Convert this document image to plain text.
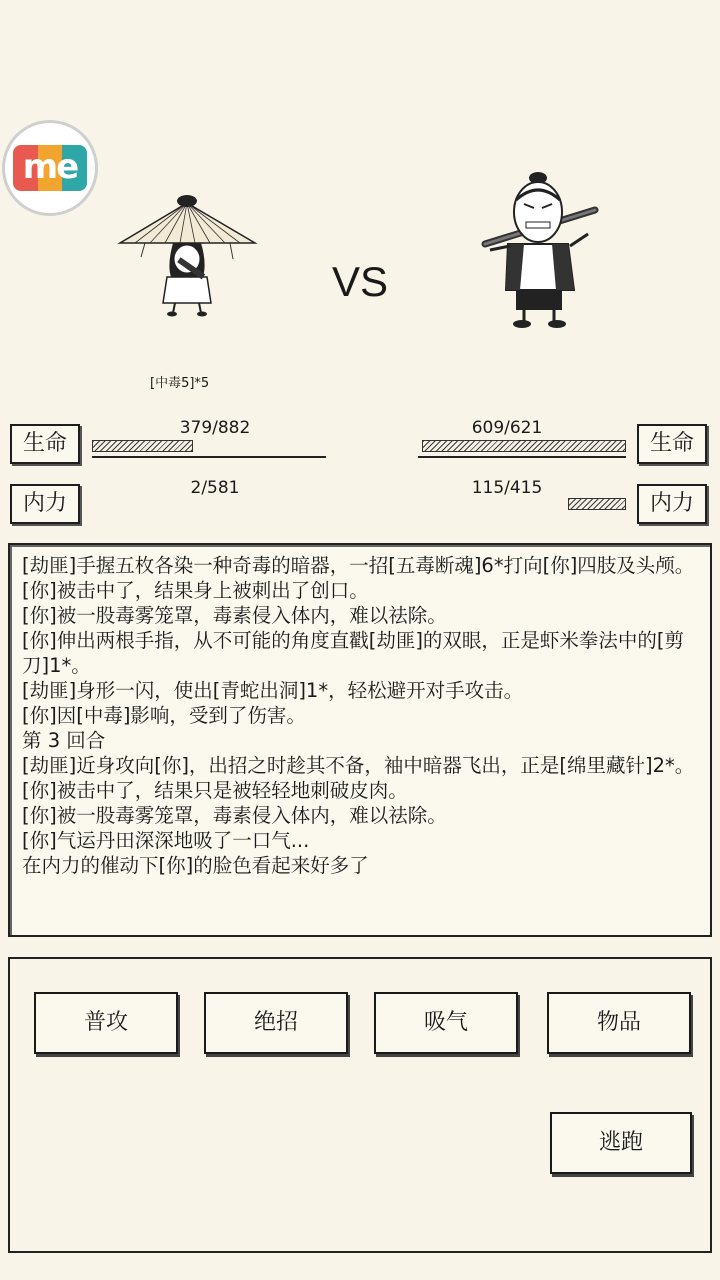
me
VS
[中毒5]*5
生命
379/882
内力
2/581
609/621
生命
115/415
内力

[劫匪]手握五枚各染一种奇毒的暗器，一招[五毒断魂]6*打向[你]四肢及头颅。

[你]被击中了，结果身上被刺出了创口。

[你]被一股毒雾笼罩，毒素侵入体内，难以祛除。

[你]伸出两根手指，从不可能的角度直戳[劫匪]的双眼，正是虾米拳法中的[剪刀]1*。

[劫匪]身形一闪，使出[青蛇出洞]1*，轻松避开对手攻击。

[你]因[中毒]影响，受到了伤害。

第 3 回合

[劫匪]近身攻向[你]，出招之时趁其不备，袖中暗器飞出，正是[绵里藏针]2*。

[你]被击中了，结果只是被轻轻地刺破皮肉。

[你]被一股毒雾笼罩，毒素侵入体内，难以祛除。

[你]气运丹田深深地吸了一口气...

在内力的催动下[你]的脸色看起来好多了

普攻	绝招	吸气	物品
逃跑
